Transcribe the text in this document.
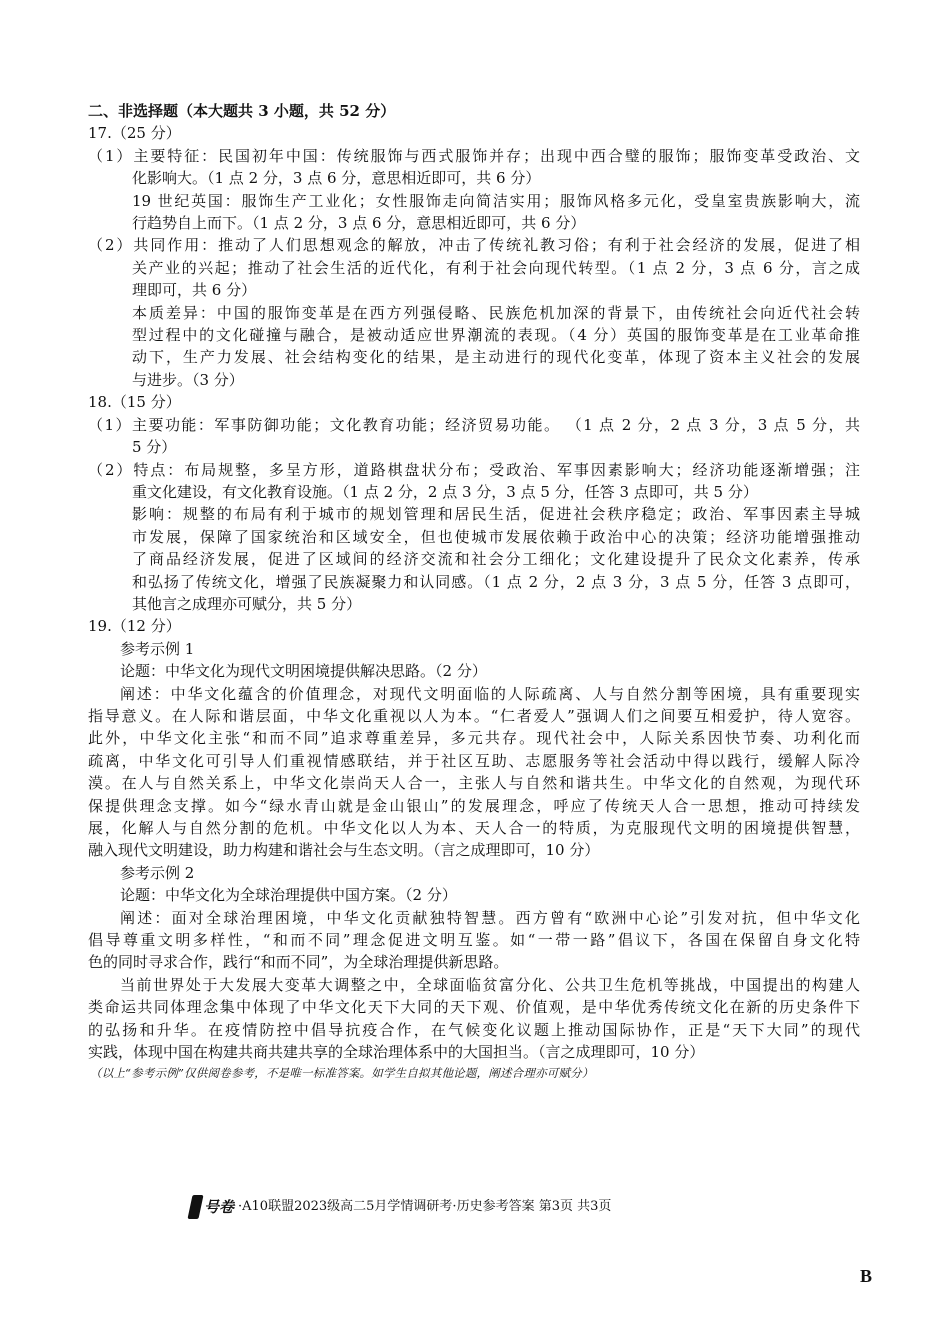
二、非选择题（本大题共 3 小题，共 52 分）
17.（25 分）
（1）主要特征：民国初年中国：传统服饰与西式服饰并存；出现中西合璧的服饰；服饰变革受政治、文
化影响大。（1 点 2 分，3 点 6 分，意思相近即可，共 6 分）
19 世纪英国：服饰生产工业化；女性服饰走向简洁实用；服饰风格多元化，受皇室贵族影响大，流
行趋势自上而下。（1 点 2 分，3 点 6 分，意思相近即可，共 6 分）
（2）共同作用：推动了人们思想观念的解放，冲击了传统礼教习俗；有利于社会经济的发展，促进了相
关产业的兴起；推动了社会生活的近代化，有利于社会向现代转型。（1 点 2 分，3 点 6 分，言之成
理即可，共 6 分）
本质差异：中国的服饰变革是在西方列强侵略、民族危机加深的背景下，由传统社会向近代社会转
型过程中的文化碰撞与融合，是被动适应世界潮流的表现。（4 分）英国的服饰变革是在工业革命推
动下，生产力发展、社会结构变化的结果，是主动进行的现代化变革，体现了资本主义社会的发展
与进步。（3 分）
18.（15 分）
（1）主要功能：军事防御功能；文化教育功能；经济贸易功能。 （1 点 2 分，2 点 3 分，3 点 5 分，共
5 分）
（2）特点：布局规整，多呈方形，道路棋盘状分布；受政治、军事因素影响大；经济功能逐渐增强；注
重文化建设，有文化教育设施。（1 点 2 分，2 点 3 分，3 点 5 分，任答 3 点即可，共 5 分）
影响：规整的布局有利于城市的规划管理和居民生活，促进社会秩序稳定；政治、军事因素主导城
市发展，保障了国家统治和区域安全，但也使城市发展依赖于政治中心的决策；经济功能增强推动
了商品经济发展，促进了区域间的经济交流和社会分工细化；文化建设提升了民众文化素养，传承
和弘扬了传统文化，增强了民族凝聚力和认同感。（1 点 2 分，2 点 3 分，3 点 5 分，任答 3 点即可，
其他言之成理亦可赋分，共 5 分）
19.（12 分）
参考示例 1
论题：中华文化为现代文明困境提供解决思路。（2 分）
阐述：中华文化蕴含的价值理念，对现代文明面临的人际疏离、人与自然分割等困境，具有重要现实
指导意义。在人际和谐层面，中华文化重视以人为本。“仁者爱人”强调人们之间要互相爱护，待人宽容。
此外，中华文化主张“和而不同”追求尊重差异，多元共存。现代社会中，人际关系因快节奏、功利化而
疏离，中华文化可引导人们重视情感联结，并于社区互助、志愿服务等社会活动中得以践行，缓解人际冷
漠。在人与自然关系上，中华文化崇尚天人合一，主张人与自然和谐共生。中华文化的自然观，为现代环
保提供理念支撑。如今“绿水青山就是金山银山”的发展理念，呼应了传统天人合一思想，推动可持续发
展，化解人与自然分割的危机。中华文化以人为本、天人合一的特质，为克服现代文明的困境提供智慧，
融入现代文明建设，助力构建和谐社会与生态文明。（言之成理即可，10 分）
参考示例 2
论题：中华文化为全球治理提供中国方案。（2 分）
阐述：面对全球治理困境，中华文化贡献独特智慧。西方曾有“欧洲中心论”引发对抗，但中华文化
倡导尊重文明多样性，“和而不同”理念促进文明互鉴。如“一带一路”倡议下，各国在保留自身文化特
色的同时寻求合作，践行“和而不同”，为全球治理提供新思路。
当前世界处于大发展大变革大调整之中，全球面临贫富分化、公共卫生危机等挑战，中国提出的构建人
类命运共同体理念集中体现了中华文化天下大同的天下观、价值观，是中华优秀传统文化在新的历史条件下
的弘扬和升华。在疫情防控中倡导抗疫合作，在气候变化议题上推动国际协作，正是“天下大同”的现代
实践，体现中国在构建共商共建共享的全球治理体系中的大国担当。（言之成理即可，10 分）
（以上“参考示例”仅供阅卷参考，不是唯一标准答案。如学生自拟其他论题，阐述合理亦可赋分）
号卷 ·A10联盟2023级高二5月学情调研考·历史参考答案 第3页 共3页
B
